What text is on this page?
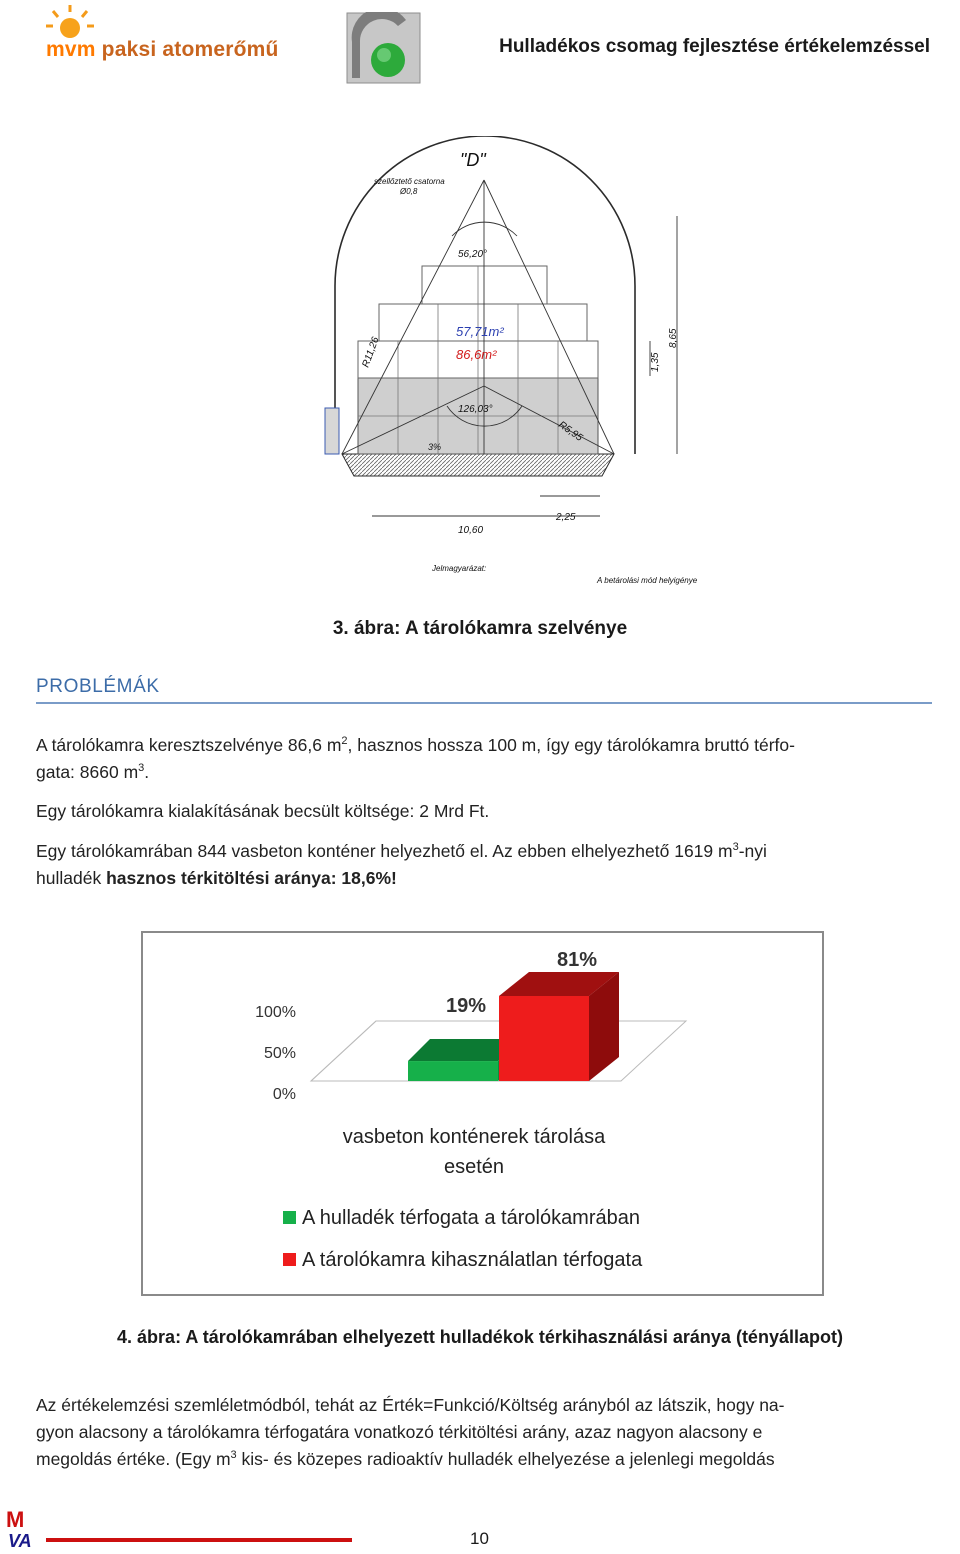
mvm paksi atomerőmű	Hulladékos csomag fejlesztése értékelemzéssel
"D"
szellőztető csatorna
Ø0,8
56,20°
57,71m²
86,6m²
R11,26
126,03°
R5,95
3%
1,35
8,65
10,60
2,25
Jelmagyarázat:
A betárolási mód helyigénye
3. ábra: A tárolókamra szelvénye
PROBLÉMÁK
A tárolókamra keresztszelvénye 86,6 $m^2$, hasznos hossza 100 m, így egy tárolókamra bruttó térfo-
gata: 8660 $m^3$.
Egy tárolókamra kialakításának becsült költsége: 2 Mrd Ft.
Egy tárolókamrában 844 vasbeton konténer helyezhető el. Az ebben elhelyezhető 1619 $m^3$-nyi
hulladék hasznos térkitöltési aránya: 18,6%!
0%
50%
100%	19%
81%
vasbeton konténerek tárolása
esetén
A hulladék térfogata a tárolókamrában
A tárolókamra kihasználatlan térfogata
4. ábra: A tárolókamrában elhelyezett hulladékok térkihasználási aránya (tényállapot)
Az értékelemzési szemléletmódból, tehát az Érték=Funkció/Költség arányból az látszik, hogy na-
gyon alacsony a tárolókamra térfogatára vonatkozó térkitöltési arány, azaz nagyon alacsony e
megoldás értéke. (Egy $m^3$ kis- és közepes radioaktív hulladék elhelyezése a jelenlegi megoldás
M
VA
MicroVA
10
